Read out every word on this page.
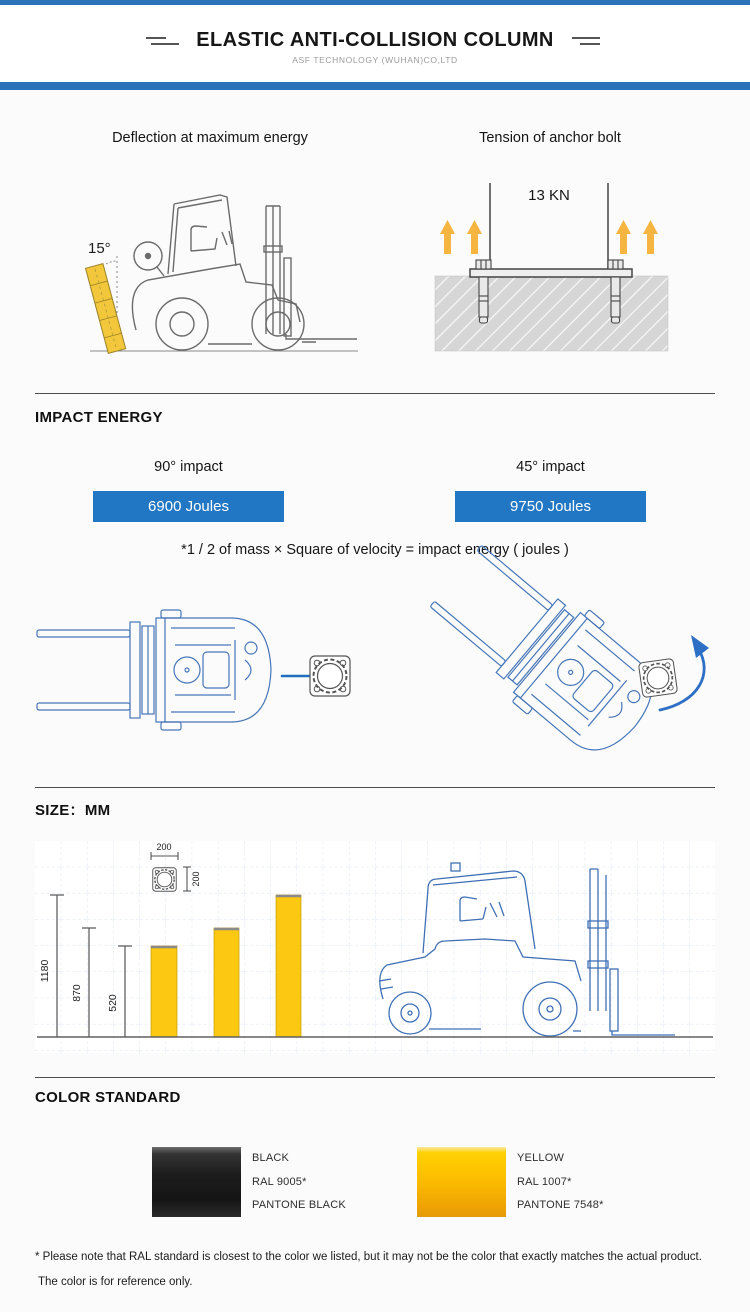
ELASTIC ANTI-COLLISION COLUMN
ASF TECHNOLOGY (WUHAN)CO,LTD
Deflection at maximum energy	Tension of anchor bolt
15°
13 KN
IMPACT ENERGY
90° impact	45° impact
6900 Joules	9750 Joules
*1 / 2 of mass × Square of velocity = impact energy ( joules )
SIZE：MM
1180
870
520
200
200
COLOR STANDARD
BLACK
RAL 9005*
PANTONE BLACK
YELLOW
RAL 1007*
PANTONE 7548*
* Please note that RAL standard is closest to the color we listed, but it may not be the color that exactly matches the actual product.
The color is for reference only.
